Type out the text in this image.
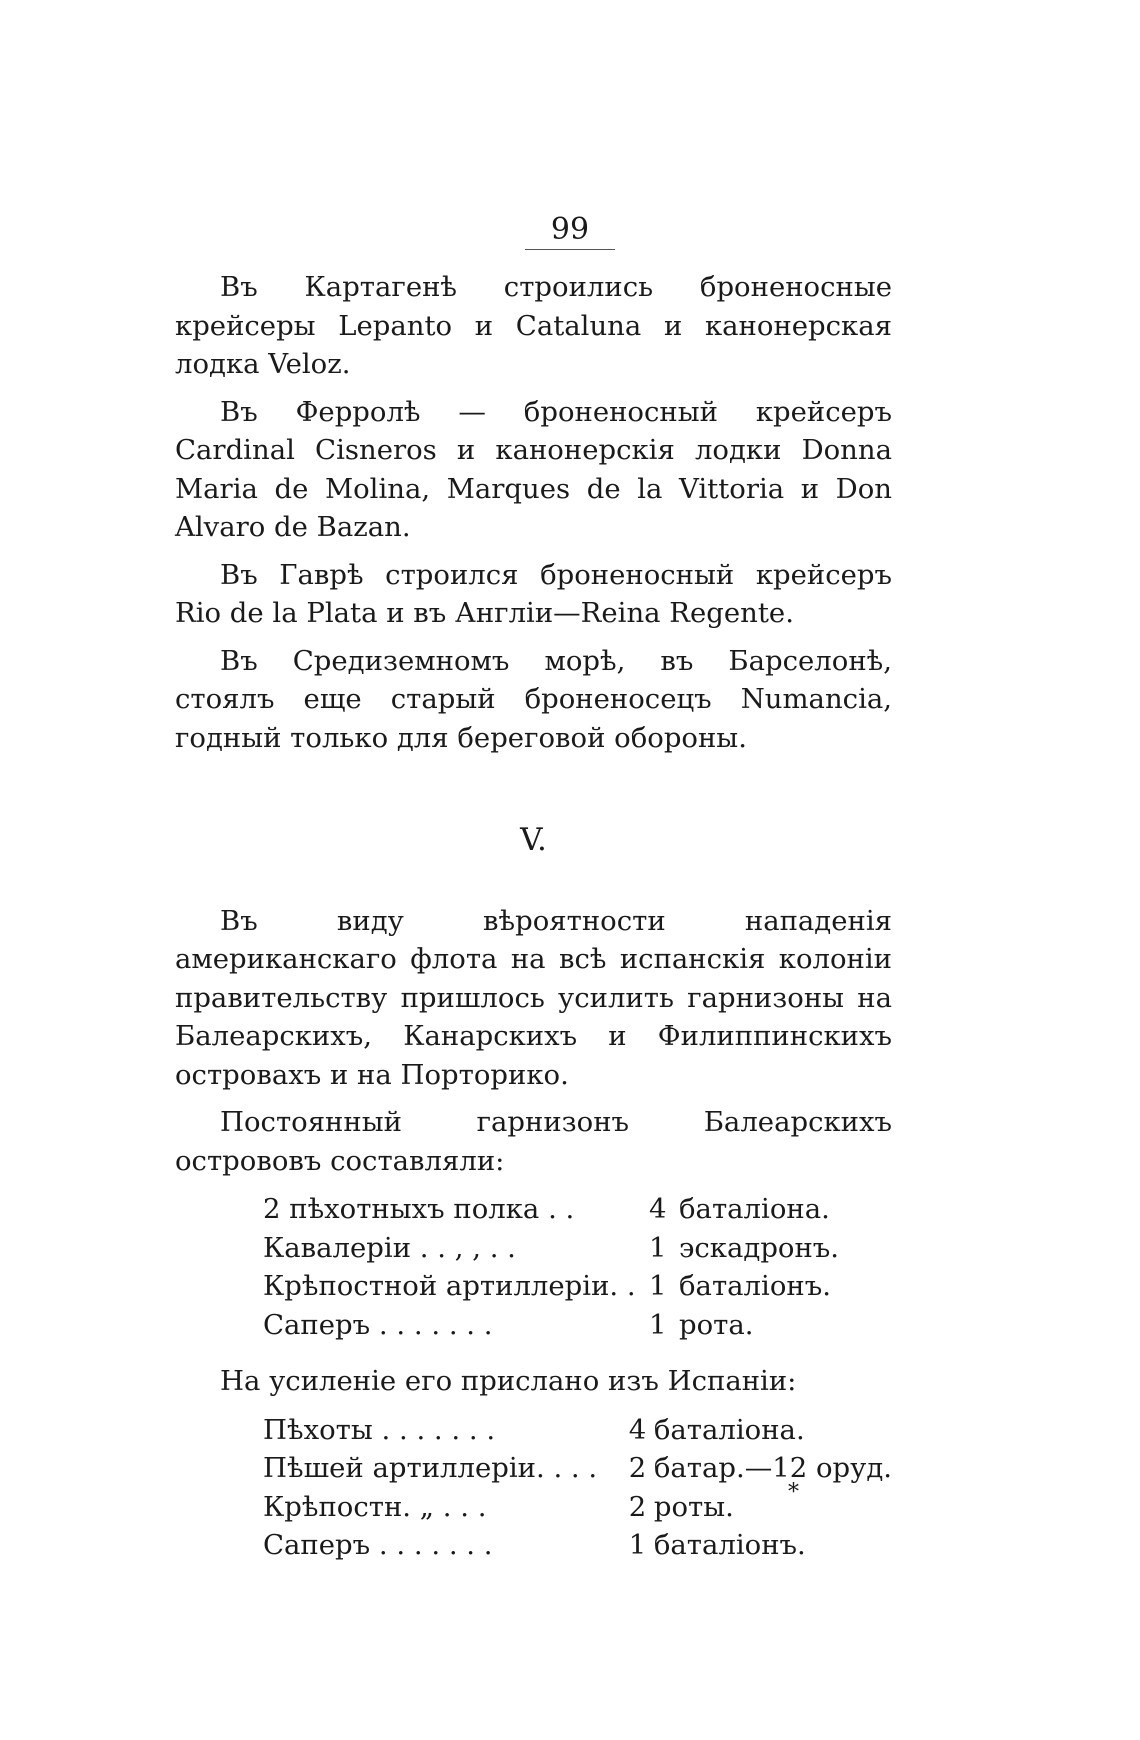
99

Въ Картагенѣ строились броненосные крейсеры Lepanto и Cataluna и канонерская лодка Veloz.

Въ Ферролѣ — броненосный крейсеръ Cardinal Cisneros и канонерскія лодки Donna Maria de Molina, Marques de la Vittoria и Don Alvaro de Bazan.

Въ Гаврѣ строился броненосный крейсеръ Rio de la Plata и въ Англіи—Reina Regente.

Въ Средиземномъ морѣ, въ Барселонѣ, стоялъ еще старый броненосецъ Numancia, годный только для береговой обороны.

V.

Въ виду вѣроятности нападенія американскаго флота на всѣ испанскія колоніи правительству пришлось усилить гарнизоны на Балеарскихъ, Канарскихъ и Филиппинскихъ островахъ и на Порторико.

Постоянный гарнизонъ Балеарскихъ острововъ составляли:

2 пѣхотныхъ полка . .	4	баталіона.
Кавалеріи . . , , . .	1	эскадронъ.
Крѣпостной артиллеріи. .	1	баталіонъ.
Саперъ . . . . . . .	1	рота.

На усиленіе его прислано изъ Испаніи:

Пѣхоты . . . . . . .	4	баталіона.
Пѣшей артиллеріи. . . .	2	батар.—12 оруд.
Крѣпостн. „ . . .	2	роты.
Саперъ . . . . . . .	1	баталіонъ.
*
